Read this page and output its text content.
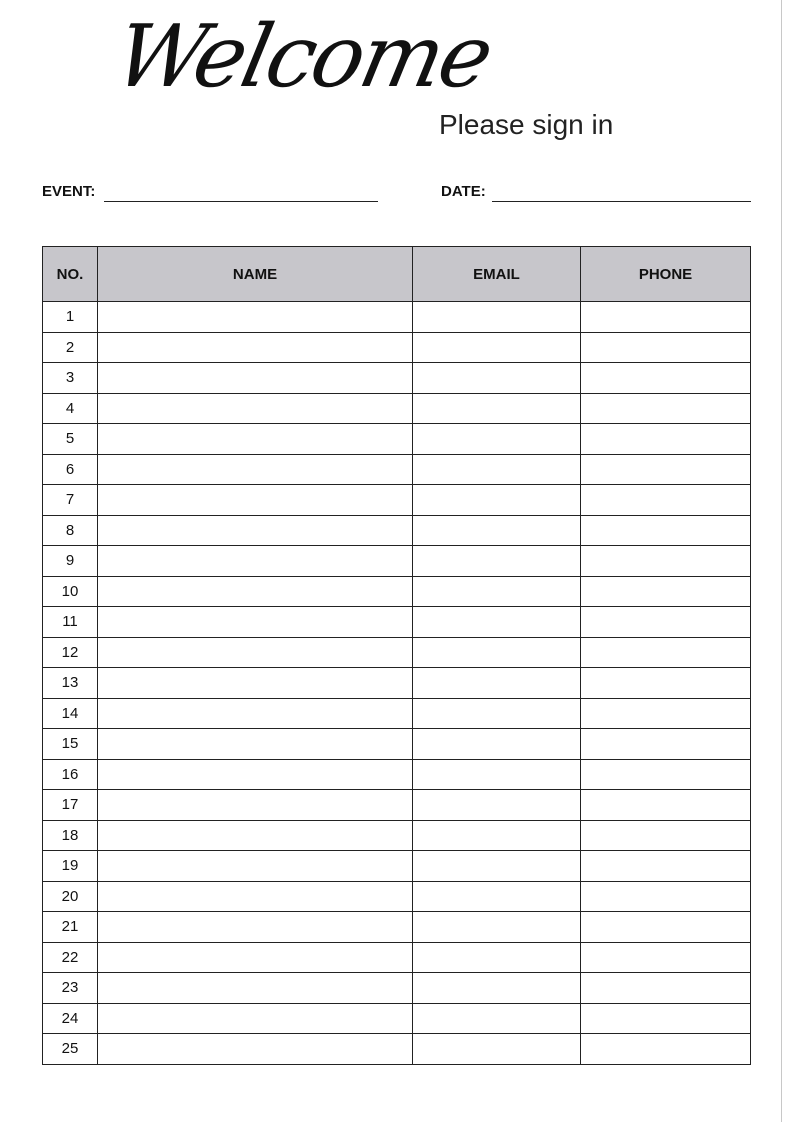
Welcome
Please sign in
EVENT:	DATE:
NO.	NAME	EMAIL	PHONE
1			
2			
3			
4			
5			
6			
7			
8			
9			
10			
11			
12			
13			
14			
15			
16			
17			
18			
19			
20			
21			
22			
23			
24			
25			
